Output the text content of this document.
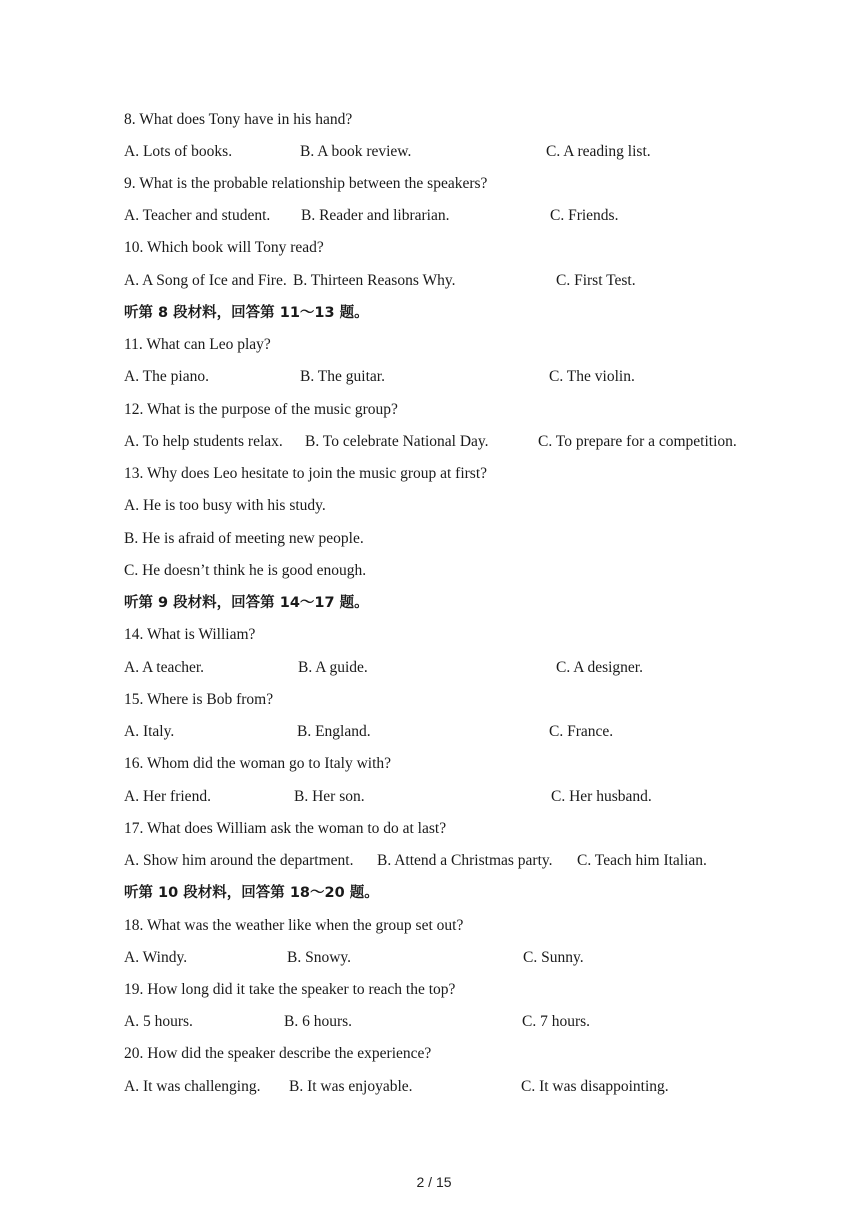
8. What does Tony have in his hand?
A. Lots of books.	B. A book review.	C. A reading list.
9. What is the probable relationship between the speakers?
A. Teacher and student. B. Reader and librarian.	C. Friends.
10. Which book will Tony read?
A. A Song of Ice and Fire. B. Thirteen Reasons Why.	C. First Test.
听第 8 段材料，回答第 11～13 题。
11. What can Leo play?
A. The piano.	B. The guitar.	C. The violin.
12. What is the purpose of the music group?
A. To help students relax. B. To celebrate National Day.	C. To prepare for a competition.
13. Why does Leo hesitate to join the music group at first?
A. He is too busy with his study.
B. He is afraid of meeting new people.
C. He doesn’t think he is good enough.
听第 9 段材料，回答第 14～17 题。
14. What is William?
A. A teacher.	B. A guide.	C. A designer.
15. Where is Bob from?
A. Italy.	B. England.	C. France.
16. Whom did the woman go to Italy with?
A. Her friend.	B. Her son.	C. Her husband.
17. What does William ask the woman to do at last?
A. Show him around the department. B. Attend a Christmas party. C. Teach him Italian.
听第 10 段材料，回答第 18～20 题。
18. What was the weather like when the group set out?
A. Windy.	B. Snowy.	C. Sunny.
19. How long did it take the speaker to reach the top?
A. 5 hours.	B. 6 hours.	C. 7 hours.
20. How did the speaker describe the experience?
A. It was challenging. B. It was enjoyable.	C. It was disappointing.
2 / 15
